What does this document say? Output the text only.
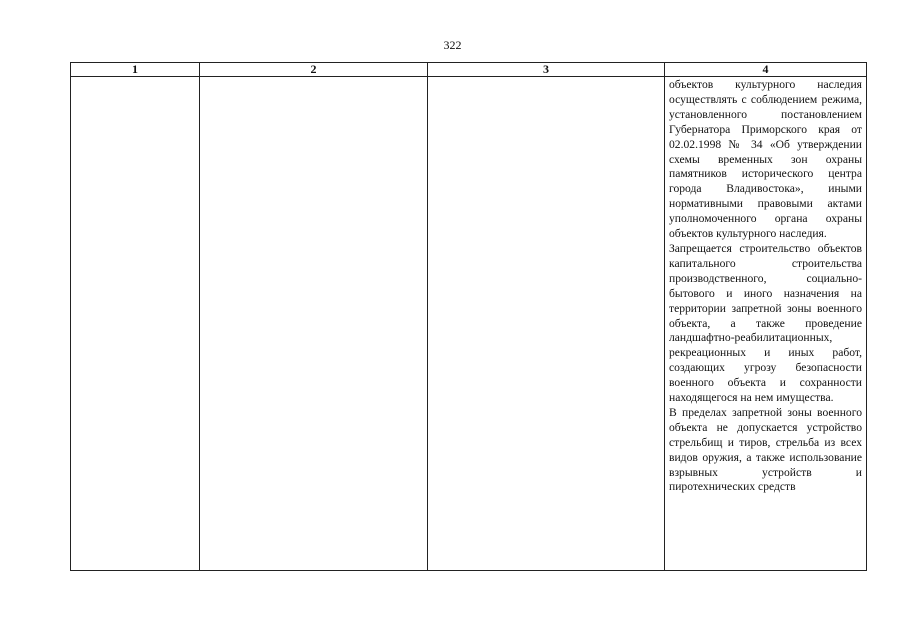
322
1	2	3	4

			объектов культурного наследия осуществлять с соблюдением режима, установленного постановлением Губернатора Приморского края от 02.02.1998 № 34 «Об утверждении схемы временных зон охраны памятников исторического центра города Владивостока», иными нормативными правовыми актами уполномоченного органа охраны объектов культурного наследия.

Запрещается строительство объектов капитального строительства производственного, социально-бытового и иного назначения на территории запретной зоны военного объекта, а также проведение ландшафтно-реабилитационных, рекреационных и иных работ, создающих угрозу безопасности военного объекта и сохранности находящегося на нем имущества.

В пределах запретной зоны военного объекта не допускается устройство стрельбищ и тиров, стрельба из всех видов оружия, а также использование взрывных устройств и пиротехнических средств
